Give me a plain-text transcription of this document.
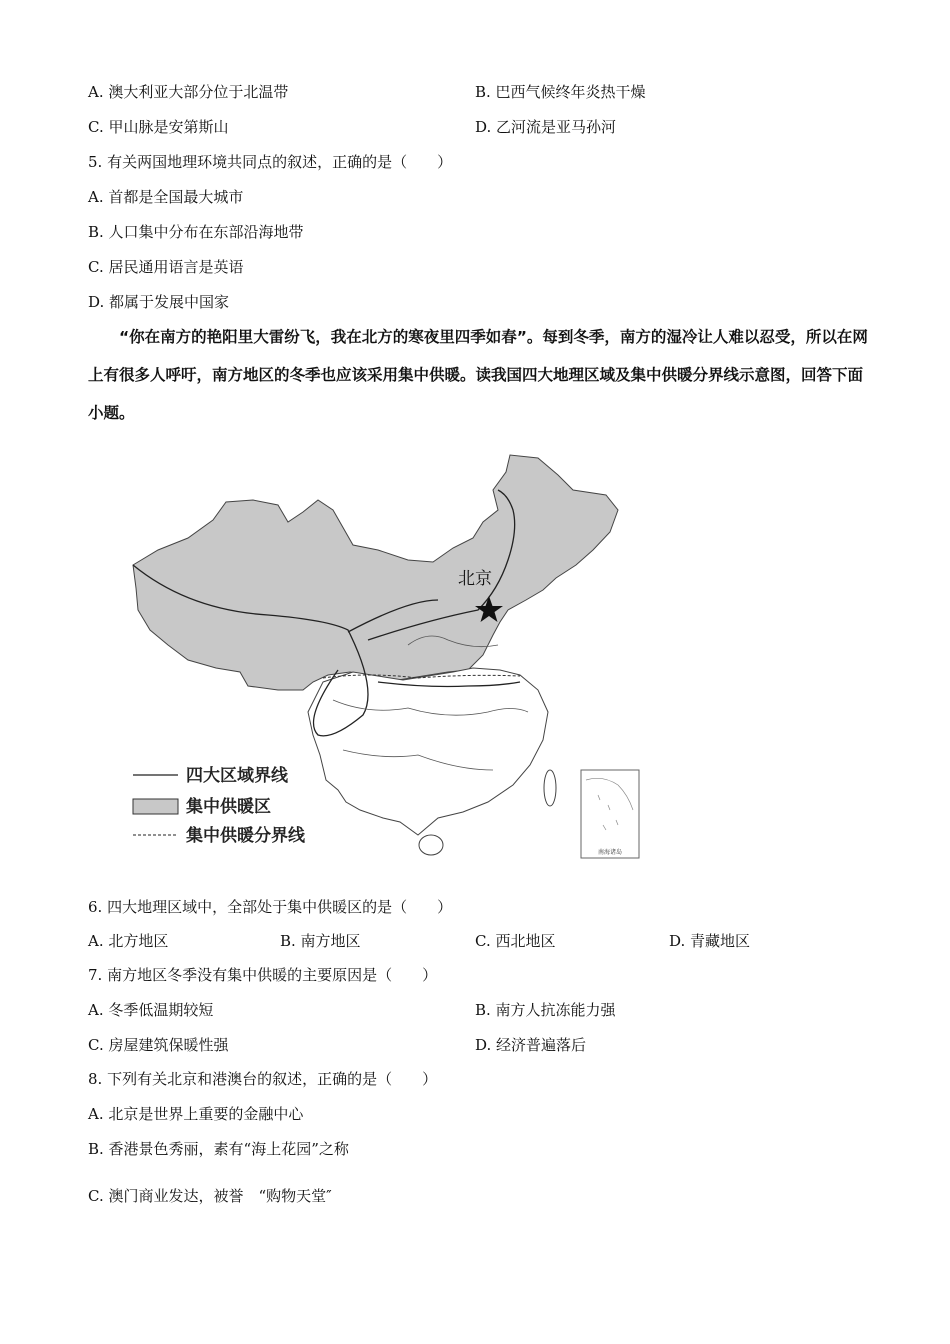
A. 澳大利亚大部分位于北温带	B. 巴西气候终年炎热干燥
C. 甲山脉是安第斯山	D. 乙河流是亚马孙河
5. 有关两国地理环境共同点的叙述，正确的是（　　）
A. 首都是全国最大城市
B. 人口集中分布在东部沿海地带
C. 居民通用语言是英语
D. 都属于发展中国家
“你在南方的艳阳里大雷纷飞，我在北方的寒夜里四季如春”。每到冬季，南方的湿冷让人难以忍受，所以在网上有很多人呼吁，南方地区的冬季也应该采用集中供暖。读我国四大地理区域及集中供暖分界线示意图，回答下面小题。
北京
四大区域界线
集中供暖区
集中供暖分界线
南海诸岛
6. 四大地理区域中，全部处于集中供暖区的是（　　）
A. 北方地区	B. 南方地区	C. 西北地区	D. 青藏地区
7. 南方地区冬季没有集中供暖的主要原因是（　　）
A. 冬季低温期较短	B. 南方人抗冻能力强
C. 房屋建筑保暖性强	D. 经济普遍落后
8. 下列有关北京和港澳台的叙述，正确的是（　　）
A. 北京是世界上重要的金融中心
B. 香港景色秀丽，素有“海上花园”之称
C. 澳门商业发达，被誉　“购物天堂″
